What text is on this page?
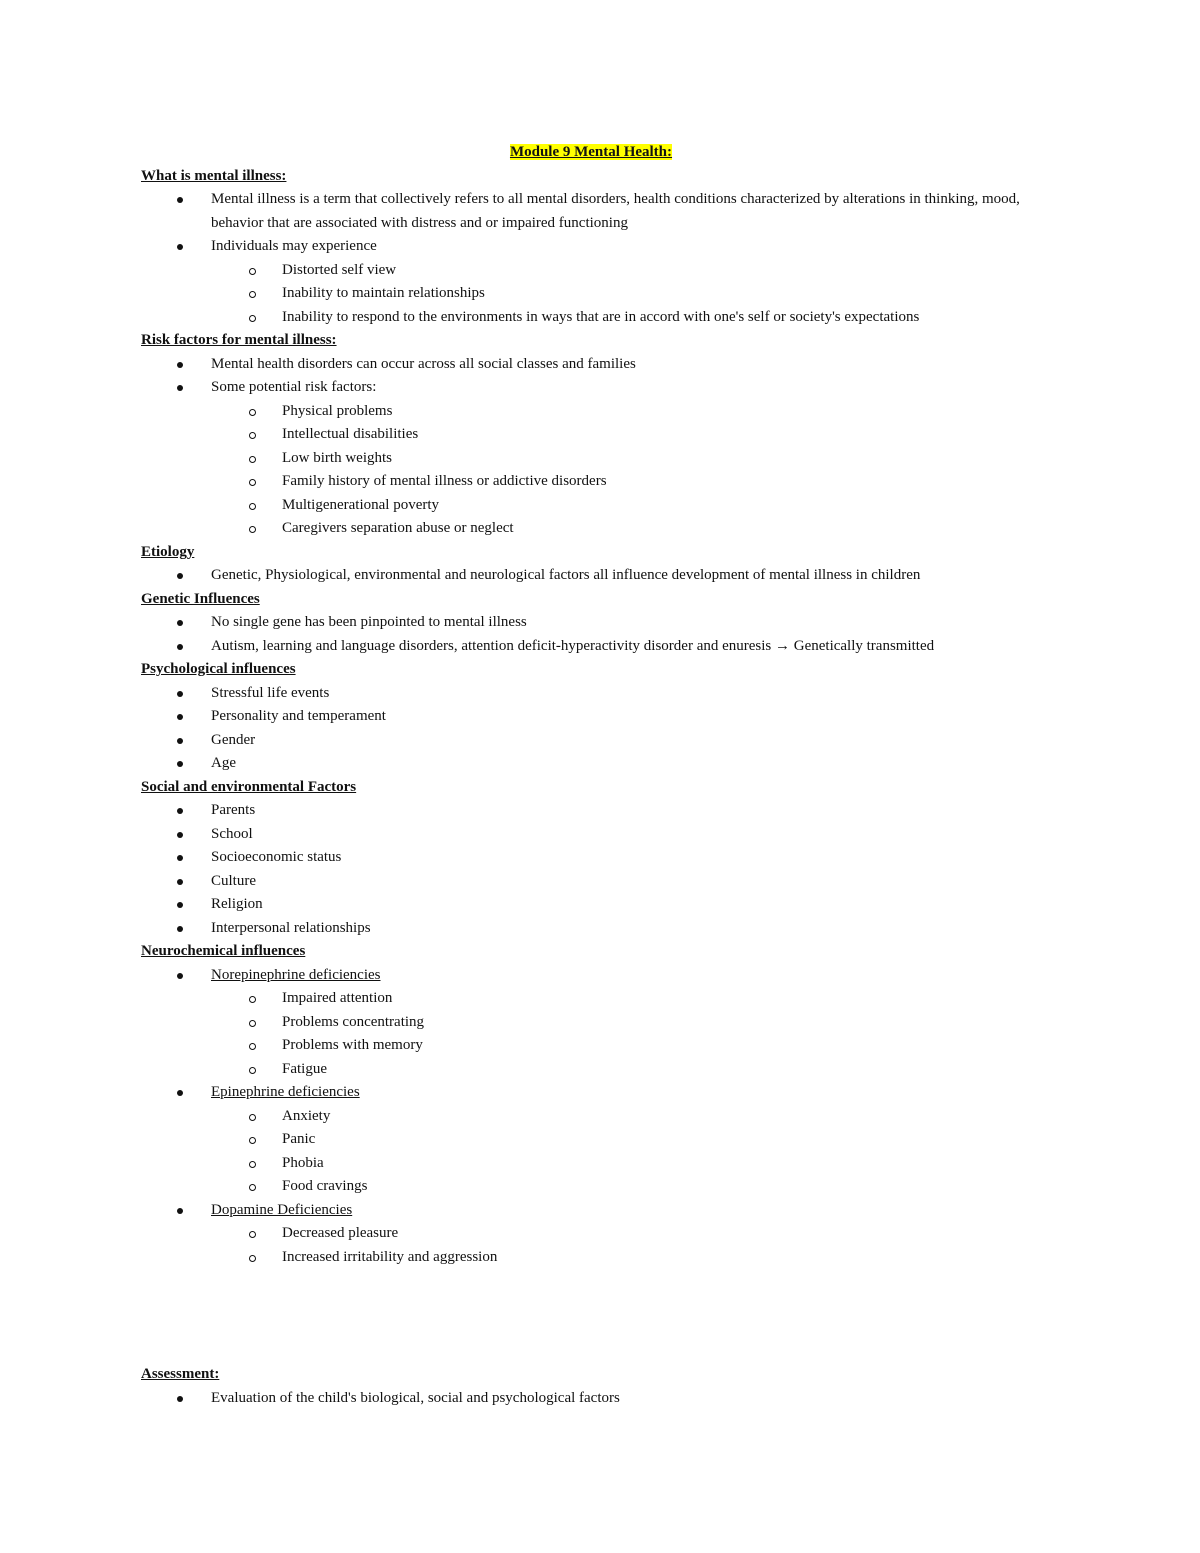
Module 9 Mental Health:
What is mental illness:
Mental illness is a term that collectively refers to all mental disorders, health conditions characterized by alterations in thinking, mood, behavior that are associated with distress and or impaired functioning
Individuals may experience
Distorted self view
Inability to maintain relationships
Inability to respond to the environments in ways that are in accord with one's self or society's expectations
Risk factors for mental illness:
Mental health disorders can occur across all social classes and families
Some potential risk factors:
Physical problems
Intellectual disabilities
Low birth weights
Family history of mental illness or addictive disorders
Multigenerational poverty
Caregivers separation abuse or neglect
Etiology
Genetic, Physiological, environmental and neurological factors all influence development of mental illness in children
Genetic Influences
No single gene has been pinpointed to mental illness
Autism, learning and language disorders, attention deficit-hyperactivity disorder and enuresis → Genetically transmitted
Psychological influences
Stressful life events
Personality and temperament
Gender
Age
Social and environmental Factors
Parents
School
Socioeconomic status
Culture
Religion
Interpersonal relationships
Neurochemical influences
Norepinephrine deficiencies
Impaired attention
Problems concentrating
Problems with memory
Fatigue
Epinephrine deficiencies
Anxiety
Panic
Phobia
Food cravings
Dopamine Deficiencies
Decreased pleasure
Increased irritability and aggression
Assessment:
Evaluation of the child's biological, social and psychological factors
